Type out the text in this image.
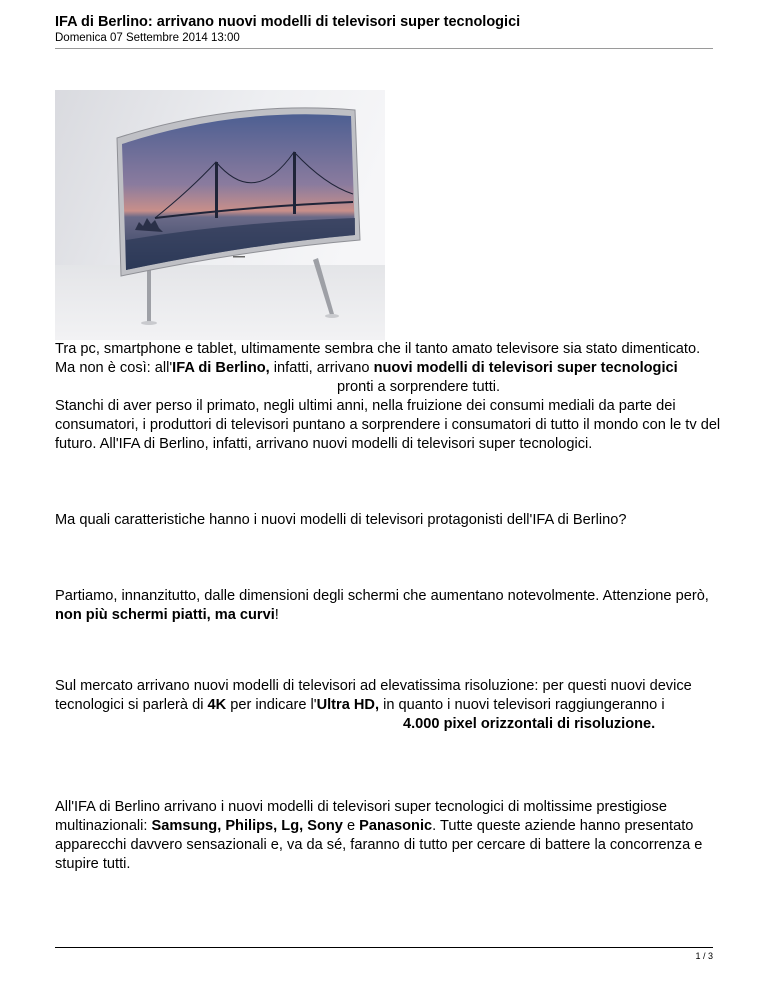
IFA di Berlino: arrivano nuovi modelli di televisori super tecnologici
Domenica 07 Settembre 2014 13:00
Tra pc, smartphone e tablet, ultimamente sembra che il tanto amato televisore sia stato dimenticato. Ma non è così: all'IFA di Berlino, infatti, arrivano nuovi modelli di televisori super tecnologicipronti a sorprendere tutti.
Stanchi di aver perso il primato, negli ultimi anni, nella fruizione dei consumi mediali da parte dei consumatori, i produttori di televisori puntano a sorprendere i consumatori di tutto il mondo con le tv del futuro. All'IFA di Berlino, infatti, arrivano nuovi modelli di televisori super tecnologici.
Ma quali caratteristiche hanno i nuovi modelli di televisori protagonisti dell'IFA di Berlino?
Partiamo, innanzitutto, dalle dimensioni degli schermi che aumentano notevolmente. Attenzione però, non più schermi piatti, ma curvi!
Sul mercato arrivano nuovi modelli di televisori ad elevatissima risoluzione: per questi nuovi device tecnologici si parlerà di 4K per indicare l'Ultra HD, in quanto i nuovi televisori raggiungeranno i4.000 pixel orizzontali di risoluzione.
All'IFA di Berlino arrivano i nuovi modelli di televisori super tecnologici di moltissime prestigiose multinazionali: Samsung, Philips, Lg, Sony e Panasonic. Tutte queste aziende hanno presentato apparecchi davvero sensazionali e, va da sé, faranno di tutto per cercare di battere la concorrenza e stupire tutti.
1 / 3
